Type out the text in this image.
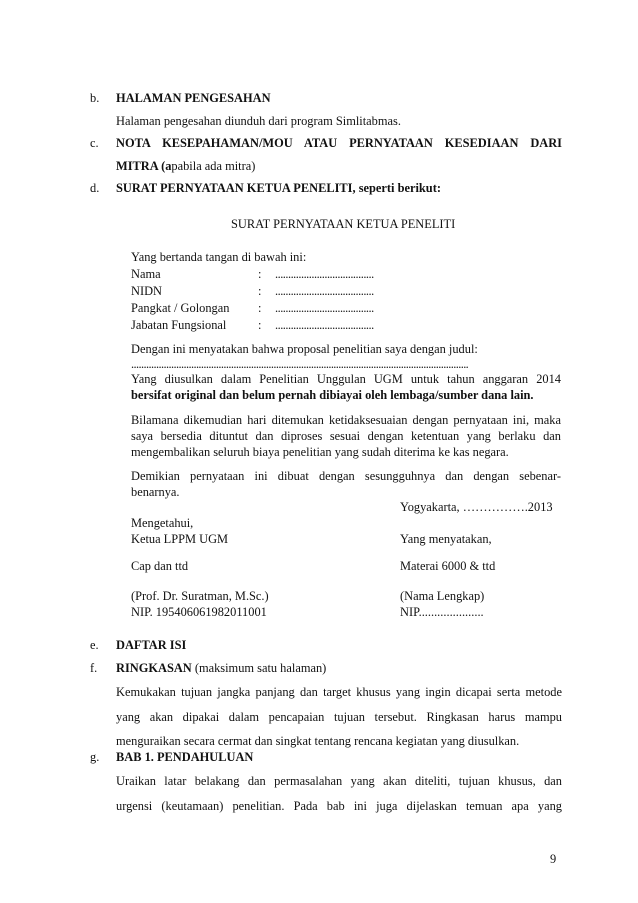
b. HALAMAN PENGESAHAN
Halaman pengesahan diunduh dari program Simlitabmas.
c. NOTA KESEPAHAMAN/MOU ATAU PERNYATAAN KESEDIAAN DARI
MITRA (apabila ada mitra)
d. SURAT PERNYATAAN KETUA PENELITI, seperti berikut:
SURAT PERNYATAAN KETUA PENELITI
Yang bertanda tangan di bawah ini:
Nama	: ......................................
NIDN	: ......................................
Pangkat / Golongan : ......................................
Jabatan Fungsional	: ......................................
Dengan ini menyatakan bahwa proposal penelitian saya dengan judul:
.......................................................................................................................................
Yang diusulkan dalam Penelitian Unggulan UGM untuk tahun anggaran 2014
bersifat original dan belum pernah dibiayai oleh lembaga/sumber dana lain.
Bilamana dikemudian hari ditemukan ketidaksesuaian dengan pernyataan ini, maka
saya bersedia dituntut dan diproses sesuai dengan ketentuan yang berlaku dan
mengembalikan seluruh biaya penelitian yang sudah diterima ke kas negara.
Demikian pernyataan ini dibuat dengan sesungguhnya dan dengan sebenar-
benarnya.
Yogyakarta, …………….2013
Mengetahui,
Ketua LPPM UGM	Yang menyatakan,
Cap dan ttd	Materai 6000 & ttd
(Prof. Dr. Suratman, M.Sc.)	(Nama Lengkap)
NIP. 195406061982011001	NIP.....................
e. DAFTAR ISI
f. RINGKASAN (maksimum satu halaman)
Kemukakan tujuan jangka panjang dan target khusus yang ingin dicapai serta metode
yang akan dipakai dalam pencapaian tujuan tersebut. Ringkasan harus mampu
menguraikan secara cermat dan singkat tentang rencana kegiatan yang diusulkan.
g. BAB 1. PENDAHULUAN
Uraikan latar belakang dan permasalahan yang akan diteliti, tujuan khusus, dan
urgensi (keutamaan) penelitian. Pada bab ini juga dijelaskan temuan apa yang
9
